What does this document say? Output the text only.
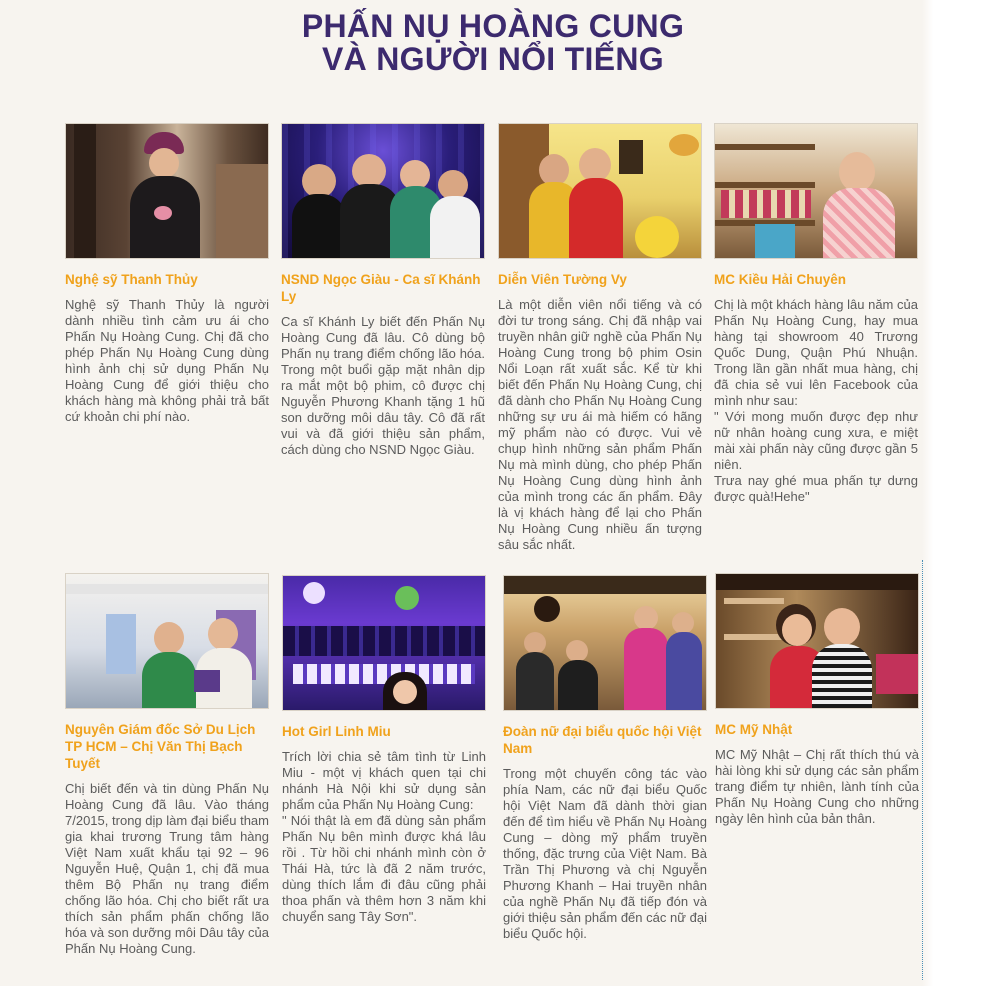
PHẤN NỤ HOÀNG CUNG
VÀ NGƯỜI NỔI TIẾNG
Nghệ sỹ Thanh Thủy

Nghệ sỹ Thanh Thủy là người dành nhiều tình cảm ưu ái cho Phấn Nụ Hoàng Cung. Chị đã cho phép Phấn Nụ Hoàng Cung dùng hình ảnh chị sử dụng Phấn Nụ Hoàng Cung để giới thiệu cho khách hàng mà không phải trả bất cứ khoản chi phí nào.

NSND Ngọc Giàu - Ca sĩ Khánh Ly

Ca sĩ Khánh Ly biết đến Phấn Nụ Hoàng Cung đã lâu. Cô dùng bộ Phấn nụ trang điểm chống lão hóa. Trong một buổi gặp mặt nhân dịp ra mắt một bộ phim, cô được chị Nguyễn Phương Khanh tặng 1 hũ son dưỡng môi dâu tây. Cô đã rất vui và đã giới thiệu sản phẩm, cách dùng cho NSND Ngọc Giàu.

Diễn Viên Tường Vy

Là một diễn viên nổi tiếng và có đời tư trong sáng. Chị đã nhập vai truyền nhân giữ nghề của Phấn Nụ Hoàng Cung trong bộ phim Osin Nổi Loạn rất xuất sắc. Kể từ khi biết đến Phấn Nụ Hoàng Cung, chị đã dành cho Phấn Nụ Hoàng Cung những sự ưu ái mà hiếm có hãng mỹ phẩm nào có được. Vui vẻ chụp hình những sản phẩm Phấn Nụ mà mình dùng, cho phép Phấn Nụ Hoàng Cung dùng hình ảnh của mình trong các ấn phẩm. Đây là vị khách hàng để lại cho Phấn Nụ Hoàng Cung nhiều ấn tượng sâu sắc nhất.

MC Kiều Hải Chuyên

Chị là một khách hàng lâu năm của Phấn Nụ Hoàng Cung, hay mua hàng tại showroom 40 Trương Quốc Dung, Quận Phú Nhuận. Trong lần gần nhất mua hàng, chị đã chia sẻ vui lên Facebook của mình như sau:

" Với mong muốn được đẹp như nữ nhân hoàng cung xưa, e miệt mài xài phấn này cũng được gần 5 niên.

Trưa nay ghé mua phấn tự dưng được quà!Hehe"

Nguyên Giám đốc Sở Du Lịch TP HCM – Chị Văn Thị Bạch Tuyết

Chị biết đến và tin dùng Phấn Nụ Hoàng Cung đã lâu. Vào tháng 7/2015, trong dịp làm đại biểu tham gia khai trương Trung tâm hàng Việt Nam xuất khẩu tại 92 – 96 Nguyễn Huệ, Quận 1, chị đã mua thêm Bộ Phấn nụ trang điểm chống lão hóa. Chị cho biết rất ưa thích sản phẩm phấn chống lão hóa và son dưỡng môi Dâu tây của Phấn Nụ Hoàng Cung.

Hot Girl Linh Miu

Trích lời chia sẻ tâm tình từ Linh Miu - một vị khách quen tại chi nhánh Hà Nội khi sử dụng sản phẩm của Phấn Nụ Hoàng Cung:

" Nói thật là em đã dùng sản phẩm Phấn Nụ bên mình được khá lâu rồi . Từ hồi chi nhánh mình còn ở Thái Hà, tức là đã 2 năm trước, dùng thích lắm đi đâu cũng phải thoa phấn và thêm hơn 3 năm khi chuyển sang Tây Sơn".

Đoàn nữ đại biểu quốc hội Việt Nam

Trong một chuyến công tác vào phía Nam, các nữ đại biểu Quốc hội Việt Nam đã dành thời gian đến để tìm hiểu về Phấn Nụ Hoàng Cung – dòng mỹ phẩm truyền thống, đặc trưng của Việt Nam. Bà Trần Thị Phương và chị Nguyễn Phương Khanh – Hai truyền nhân của nghề Phấn Nụ đã tiếp đón và giới thiệu sản phẩm đến các nữ đại biểu Quốc hội.

MC Mỹ Nhật

MC Mỹ Nhật – Chị rất thích thú và hài lòng khi sử dụng các sản phẩm trang điểm tự nhiên, lành tính của Phấn Nụ Hoàng Cung cho những ngày lên hình của bản thân.
